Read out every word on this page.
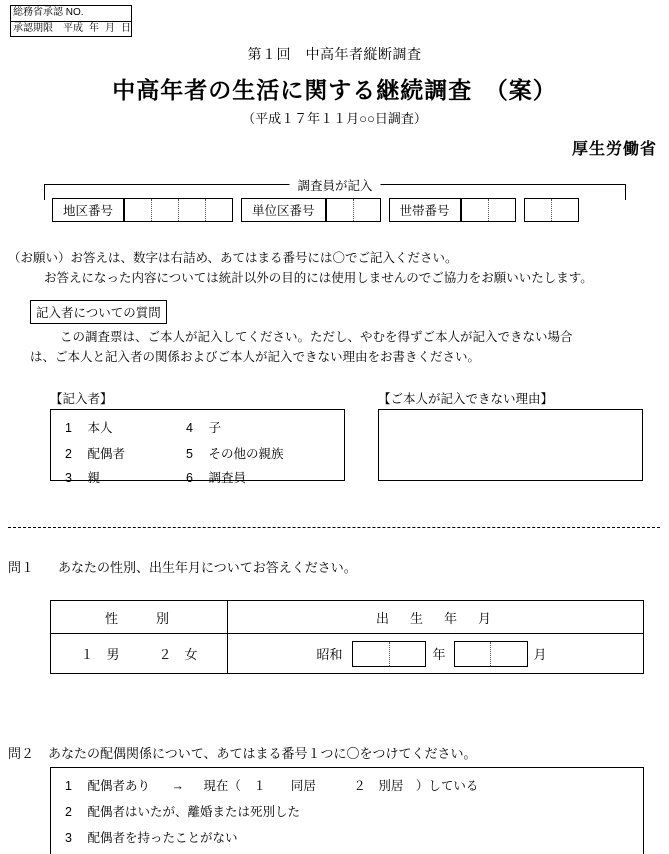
総務省承認 NO.
承認期限　平成 年 月 日
第１回　中高年者縦断調査
中高年者の生活に関する継続調査　（案）
（平成１７年１１月○○日調査）
厚生労働省
調査員が記入
地区番号	単位区番号	世帯番号
（お願い）お答えは、数字は右詰め、あてはまる番号には〇でご記入ください。
お答えになった内容については統計以外の目的には使用しませんのでご協力をお願いいたします。
記入者についての質問
この調査票は、ご本人が記入してください。ただし、やむを得ずご本人が記入できない場合
は、ご本人と記入者の関係およびご本人が記入できない理由をお書きください。
【記入者】	【ご本人が記入できない理由】
1 本人	4 子
2 配偶者	5 その他の親族
3 親	6 調査員
問１ あなたの性別、出生年月についてお答えください。
性　　別	出　生　年　月
１　男　　　２　女	昭和	年	月
問２ あなたの配偶関係について、あてはまる番号１つに〇をつけてください。
1 配偶者あり → 現在（　１　　同居　　　２　別居　）している
2 配偶者はいたが、離婚または死別した
3 配偶者を持ったことがない
